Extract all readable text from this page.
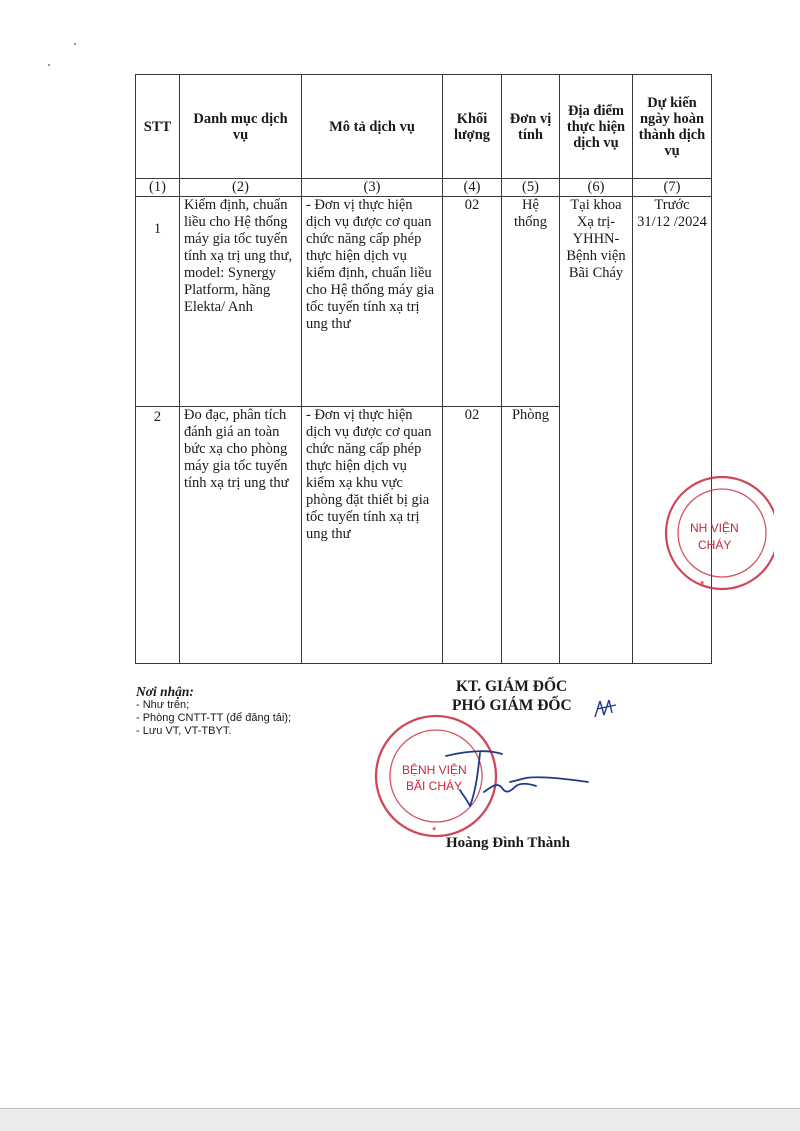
STT	Danh mục dịch vụ	Mô tả dịch vụ	Khối lượng	Đơn vị tính	Địa điểm thực hiện dịch vụ	Dự kiến ngày hoàn thành dịch vụ
(1)	(2)	(3)	(4)	(5)	(6)	(7)
1	Kiểm định, chuẩn liều cho Hệ thống máy gia tốc tuyến tính xạ trị ung thư, model: Synergy Platform, hãng Elekta/ Anh	- Đơn vị thực hiện dịch vụ được cơ quan chức năng cấp phép thực hiện dịch vụ kiểm định, chuẩn liều cho Hệ thống máy gia tốc tuyến tính xạ trị ung thư	02	Hệ thống	Tại khoa Xạ trị-YHHN-Bệnh viện Bãi Cháy	Trước 31/12 /2024
2	Đo đạc, phân tích đánh giá an toàn bức xạ cho phòng máy gia tốc tuyến tính xạ trị ung thư	- Đơn vị thực hiện dịch vụ được cơ quan chức năng cấp phép thực hiện dịch vụ kiểm xạ khu vực phòng đặt thiết bị gia tốc tuyến tính xạ trị ung thư	02	Phòng		
NH VIỆN
CHÁY
*
Nơi nhận:
- Như trên;
- Phòng CNTT-TT (để đăng tải);
- Lưu VT, VT-TBYT.
KT. GIÁM ĐỐC
PHÓ GIÁM ĐỐC
BỆNH VIỆN
BÃI CHÁY
*
Hoàng Đình Thành
